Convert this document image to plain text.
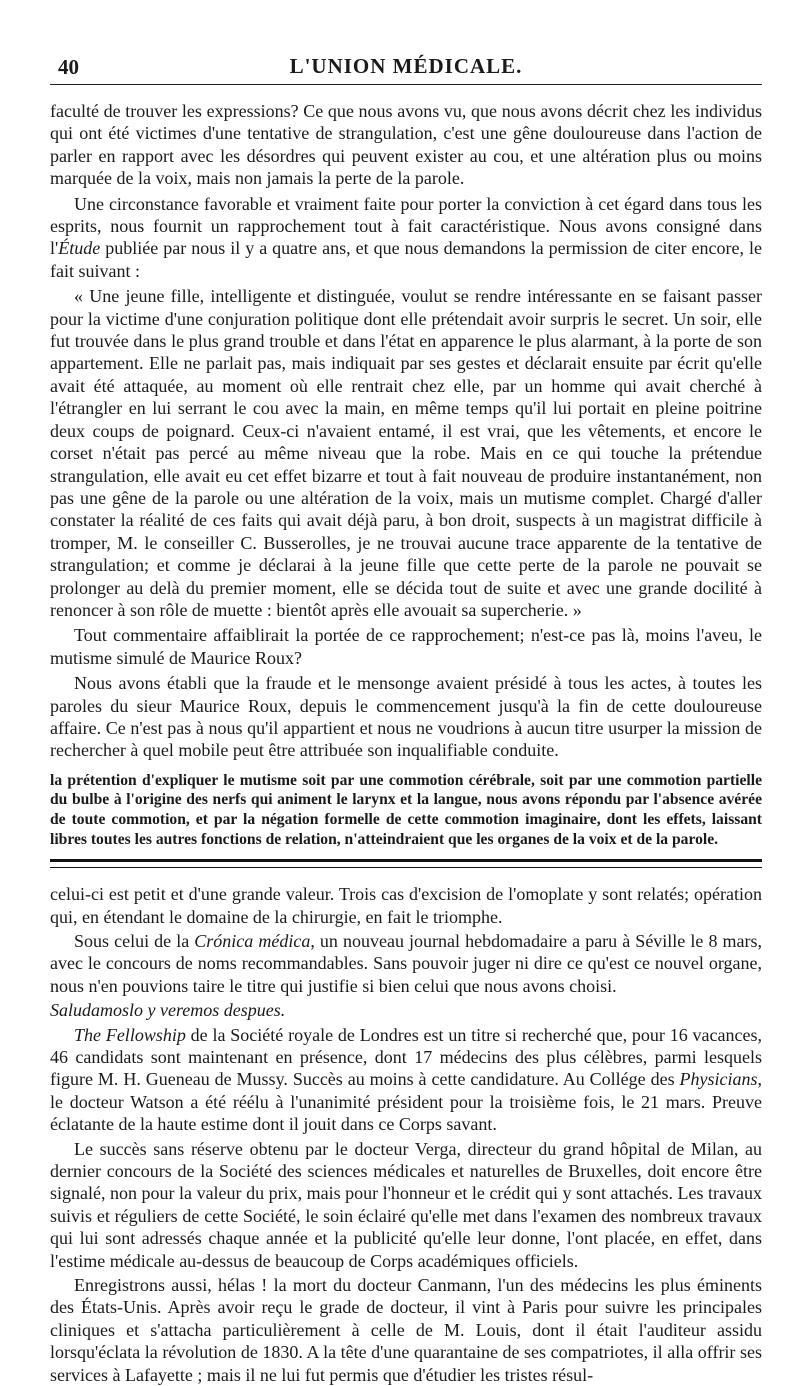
40	L'UNION MÉDICALE.

faculté de trouver les expressions? Ce que nous avons vu, que nous avons décrit chez les individus qui ont été victimes d'une tentative de strangulation, c'est une gêne douloureuse dans l'action de parler en rapport avec les désordres qui peuvent exister au cou, et une altération plus ou moins marquée de la voix, mais non jamais la perte de la parole.

Une circonstance favorable et vraiment faite pour porter la conviction à cet égard dans tous les esprits, nous fournit un rapprochement tout à fait caractéristique. Nous avons consigné dans l'Étude publiée par nous il y a quatre ans, et que nous demandons la permission de citer encore, le fait suivant :

« Une jeune fille, intelligente et distinguée, voulut se rendre intéressante en se faisant passer pour la victime d'une conjuration politique dont elle prétendait avoir surpris le secret. Un soir, elle fut trouvée dans le plus grand trouble et dans l'état en apparence le plus alarmant, à la porte de son appartement. Elle ne parlait pas, mais indiquait par ses gestes et déclarait ensuite par écrit qu'elle avait été attaquée, au moment où elle rentrait chez elle, par un homme qui avait cherché à l'étrangler en lui serrant le cou avec la main, en même temps qu'il lui portait en pleine poitrine deux coups de poignard. Ceux-ci n'avaient entamé, il est vrai, que les vêtements, et encore le corset n'était pas percé au même niveau que la robe. Mais en ce qui touche la prétendue strangulation, elle avait eu cet effet bizarre et tout à fait nouveau de produire instantanément, non pas une gêne de la parole ou une altération de la voix, mais un mutisme complet. Chargé d'aller constater la réalité de ces faits qui avait déjà paru, à bon droit, suspects à un magistrat difficile à tromper, M. le conseiller C. Busserolles, je ne trouvai aucune trace apparente de la tentative de strangulation; et comme je déclarai à la jeune fille que cette perte de la parole ne pouvait se prolonger au delà du premier moment, elle se décida tout de suite et avec une grande docilité à renoncer à son rôle de muette : bientôt après elle avouait sa supercherie. »

Tout commentaire affaiblirait la portée de ce rapprochement; n'est-ce pas là, moins l'aveu, le mutisme simulé de Maurice Roux?

Nous avons établi que la fraude et le mensonge avaient présidé à tous les actes, à toutes les paroles du sieur Maurice Roux, depuis le commencement jusqu'à la fin de cette douloureuse affaire. Ce n'est pas à nous qu'il appartient et nous ne voudrions à aucun titre usurper la mission de rechercher à quel mobile peut être attribuée son inqualifiable conduite.

la prétention d'expliquer le mutisme soit par une commotion cérébrale, soit par une commotion partielle du bulbe à l'origine des nerfs qui animent le larynx et la langue, nous avons répondu par l'absence avérée de toute commotion, et par la négation formelle de cette commotion imaginaire, dont les effets, laissant libres toutes les autres fonctions de relation, n'atteindraient que les organes de la voix et de la parole.

celui-ci est petit et d'une grande valeur. Trois cas d'excision de l'omoplate y sont relatés; opération qui, en étendant le domaine de la chirurgie, en fait le triomphe.

Sous celui de la Crónica médica, un nouveau journal hebdomadaire a paru à Séville le 8 mars, avec le concours de noms recommandables. Sans pouvoir juger ni dire ce qu'est ce nouvel organe, nous n'en pouvions taire le titre qui justifie si bien celui que nous avons choisi.

Saludamoslo y veremos despues.

The Fellowship de la Société royale de Londres est un titre si recherché que, pour 16 vacances, 46 candidats sont maintenant en présence, dont 17 médecins des plus célèbres, parmi lesquels figure M. H. Gueneau de Mussy. Succès au moins à cette candidature. Au Collége des Physicians, le docteur Watson a été réélu à l'unanimité président pour la troisième fois, le 21 mars. Preuve éclatante de la haute estime dont il jouit dans ce Corps savant.

Le succès sans réserve obtenu par le docteur Verga, directeur du grand hôpital de Milan, au dernier concours de la Société des sciences médicales et naturelles de Bruxelles, doit encore être signalé, non pour la valeur du prix, mais pour l'honneur et le crédit qui y sont attachés. Les travaux suivis et réguliers de cette Société, le soin éclairé qu'elle met dans l'examen des nombreux travaux qui lui sont adressés chaque année et la publicité qu'elle leur donne, l'ont placée, en effet, dans l'estime médicale au-dessus de beaucoup de Corps académiques officiels.

Enregistrons aussi, hélas ! la mort du docteur Canmann, l'un des médecins les plus éminents des États-Unis. Après avoir reçu le grade de docteur, il vint à Paris pour suivre les principales cliniques et s'attacha particulièrement à celle de M. Louis, dont il était l'auditeur assidu lorsqu'éclata la révolution de 1830. A la tête d'une quarantaine de ses compatriotes, il alla offrir ses services à Lafayette ; mais il ne lui fut permis que d'étudier les tristes résul-
